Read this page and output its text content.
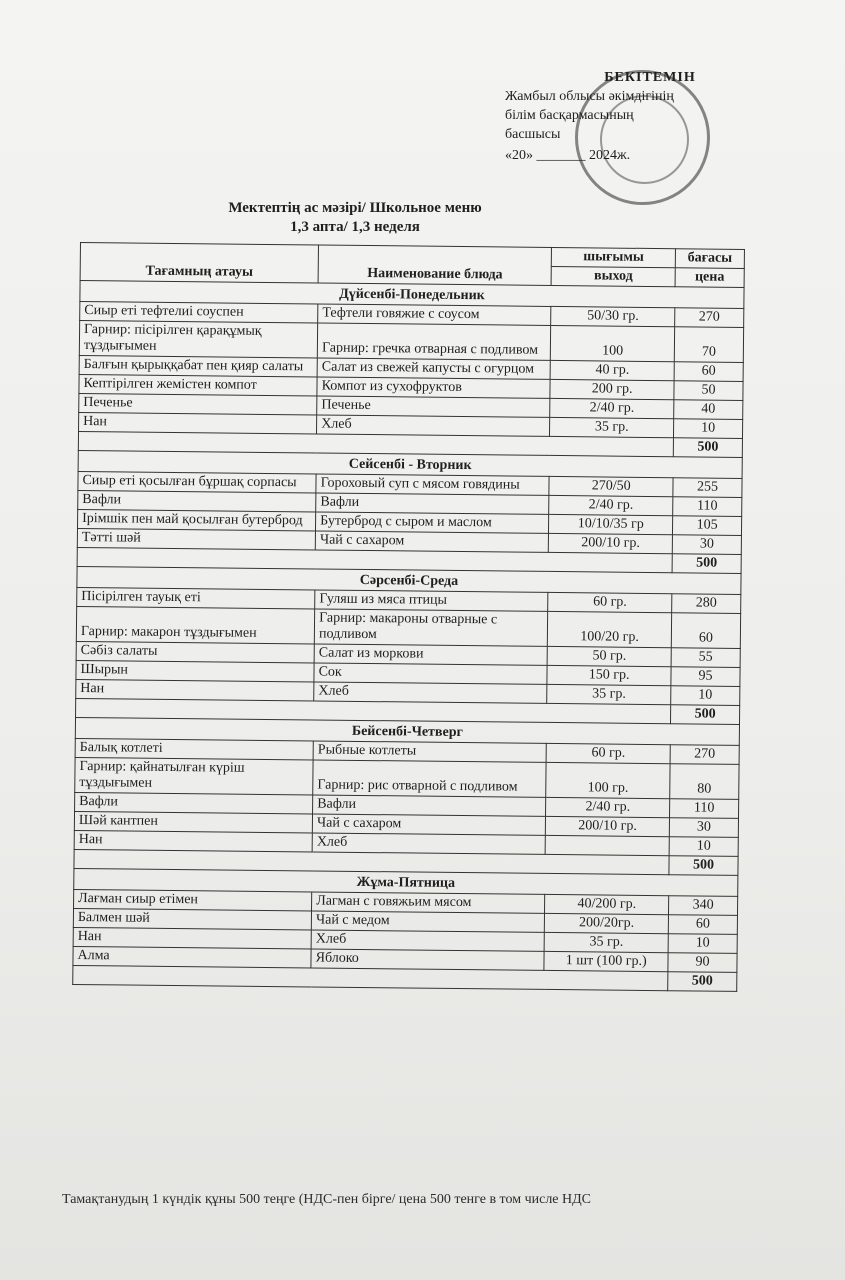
БЕКІТЕМІН
Жамбыл облысы әкімдігінің
білім басқармасының
басшысы
«20» _______ 2024ж.
Мектептің ас мәзірі/ Школьное меню
1,3 апта/ 1,3 неделя
Тағамның атауы	Наименование блюда	шығымы	бағасы
		выход	цена
Дүйсенбі-Понедельник			
Сиыр еті тефтелиі соуспен	Тефтели говяжие с соусом	50/30 гр.	270
Гарнир: пісірілген қарақұмық тұздығымен	Гарнир: гречка отварная с подливом	100	70
Балғын қырыққабат пен қияр салаты	Салат из свежей капусты с огурцом	40 гр.	60
Кептірілген жемістен компот	Компот из сухофруктов	200 гр.	50
Печенье	Печенье	2/40 гр.	40
Нан	Хлеб	35 гр.	10
			500
Сейсенбі - Вторник			
Сиыр еті қосылған бұршақ сорпасы	Гороховый суп с мясом говядины	270/50	255
Вафли	Вафли	2/40 гр.	110
Ірімшік пен май қосылған бутерброд	Бутерброд с сыром и маслом	10/10/35 гр	105
Тәтті шәй	Чай с сахаром	200/10 гр.	30
			500
Сәрсенбі-Среда			
Пісірілген тауық еті	Гуляш из мяса птицы	60 гр.	280
Гарнир: макарон тұздығымен	Гарнир: макароны отварные с подливом	100/20 гр.	60
Сәбіз салаты	Салат из моркови	50 гр.	55
Шырын	Сок	150 гр.	95
Нан	Хлеб	35 гр.	10
			500
Бейсенбі-Четверг			
Балық котлеті	Рыбные котлеты	60 гр.	270
Гарнир: қайнатылған күріш тұздығымен	Гарнир: рис отварной с подливом	100 гр.	80
Вафли	Вафли	2/40 гр.	110
Шәй кантпен	Чай с сахаром	200/10 гр.	30
Нан	Хлеб		10
			500
Жұма-Пятница			
Лағман сиыр етімен	Лагман с говяжьим мясом	40/200 гр.	340
Балмен шәй	Чай с медом	200/20гр.	60
Нан	Хлеб	35 гр.	10
Алма	Яблоко	1 шт (100 гр.)	90
			500
Тамақтанудың 1 күндік құны 500 теңге (НДС-пен бірге/ цена 500 тенге в том числе НДС
